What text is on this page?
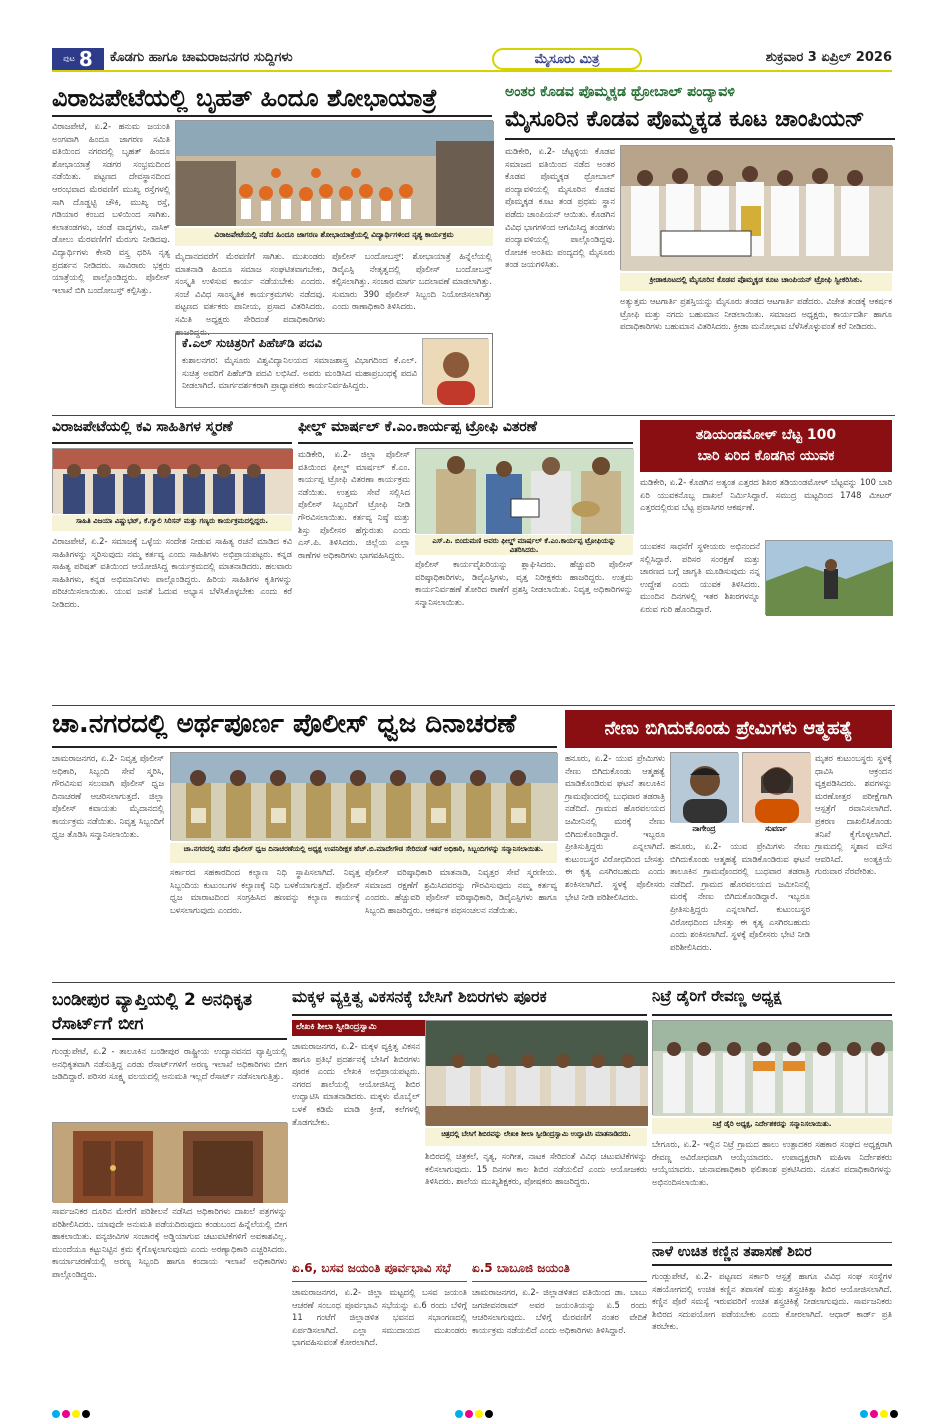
ಪುಟ 8 ಕೊಡಗು ಹಾಗೂ ಚಾಮರಾಜನಗರ ಸುದ್ದಿಗಳು	ಮೈಸೂರು ಮಿತ್ರ	ಶುಕ್ರವಾರ 3 ಏಪ್ರಿಲ್ 2026
ವಿರಾಜಪೇಟೆಯಲ್ಲಿ ಬೃಹತ್ ಹಿಂದೂ ಶೋಭಾಯಾತ್ರೆ
ವಿರಾಜಪೇಟೆ, ಏ.2- ಹನುಮ ಜಯಂತಿ ಅಂಗವಾಗಿ ಹಿಂದೂ ಜಾಗರಣ ಸಮಿತಿ ವತಿಯಿಂದ ನಗರದಲ್ಲಿ ಬೃಹತ್ ಹಿಂದೂ ಶೋಭಾಯಾತ್ರೆ ಸಡಗರ ಸಂಭ್ರಮದಿಂದ ನಡೆಯಿತು. ಪಟ್ಟಣದ ದೇವಸ್ಥಾನದಿಂದ ಆರಂಭವಾದ ಮೆರವಣಿಗೆ ಮುಖ್ಯ ರಸ್ತೆಗಳಲ್ಲಿ ಸಾಗಿ ದೊಡ್ಡಟ್ಟಿ ಚೌಕಿ, ಮುಖ್ಯ ರಸ್ತೆ, ಗಡಿಯಾರ ಕಂಬದ ಬಳಿಯಿಂದ ಸಾಗಿತು. ಕಲಾತಂಡಗಳು, ಚಂಡೆ ವಾದ್ಯಗಳು, ನಾಸಿಕ್ ಡೋಲು ಮೆರವಣಿಗೆಗೆ ಮೆರುಗು ನೀಡಿದವು. ವಿದ್ಯಾರ್ಥಿಗಳು ಕೇಸರಿ ವಸ್ತ್ರ ಧರಿಸಿ ನೃತ್ಯ ಪ್ರದರ್ಶನ ನೀಡಿದರು. ಸಾವಿರಾರು ಭಕ್ತರು ಯಾತ್ರೆಯಲ್ಲಿ ಪಾಲ್ಗೊಂಡಿದ್ದರು. ಪೊಲೀಸ್ ಇಲಾಖೆ ಬಿಗಿ ಬಂದೋಬಸ್ತ್ ಕಲ್ಪಿಸಿತ್ತು.
ವಿರಾಜಪೇಟೆಯಲ್ಲಿ ನಡೆದ ಹಿಂದೂ ಜಾಗರಣ ಶೋಭಾಯಾತ್ರೆಯಲ್ಲಿ ವಿದ್ಯಾರ್ಥಿಗಳಿಂದ ನೃತ್ಯ ಕಾರ್ಯಕ್ರಮ
ಮೈದಾನದವರೆಗೆ ಮೆರವಣಿಗೆ ಸಾಗಿತು. ಮುಖಂಡರು ಮಾತನಾಡಿ ಹಿಂದೂ ಸಮಾಜ ಸಂಘಟಿತವಾಗಬೇಕು, ಸಂಸ್ಕೃತಿ ಉಳಿಸುವ ಕಾರ್ಯ ನಡೆಯಬೇಕು ಎಂದರು. ಸಂಜೆ ವಿವಿಧ ಸಾಂಸ್ಕೃತಿಕ ಕಾರ್ಯಕ್ರಮಗಳು ನಡೆದವು. ಪಟ್ಟಣದ ವರ್ತಕರು ಪಾನೀಯ, ಪ್ರಸಾದ ವಿತರಿಸಿದರು. ಸಮಿತಿ ಅಧ್ಯಕ್ಷರು ಸೇರಿದಂತೆ ಪದಾಧಿಕಾರಿಗಳು ಹಾಜರಿದ್ದರು.
ಪೊಲೀಸ್ ಬಂದೋಬಸ್ತ್: ಶೋಭಾಯಾತ್ರೆ ಹಿನ್ನೆಲೆಯಲ್ಲಿ ಡಿವೈಎಸ್ಪಿ ನೇತೃತ್ವದಲ್ಲಿ ಪೊಲೀಸ್ ಬಂದೋಬಸ್ತ್ ಕಲ್ಪಿಸಲಾಗಿತ್ತು. ಸಂಚಾರ ಮಾರ್ಗ ಬದಲಾವಣೆ ಮಾಡಲಾಗಿತ್ತು. ಸುಮಾರು 390 ಪೊಲೀಸ್ ಸಿಬ್ಬಂದಿ ನಿಯೋಜಿಸಲಾಗಿತ್ತು ಎಂದು ಠಾಣಾಧಿಕಾರಿ ತಿಳಿಸಿದರು.
ಕೆ.ಎಲ್ ಸುಚಿತ್ರರಿಗೆ ಪಿಹೆಚ್‌ಡಿ ಪದವಿ
ಕುಶಾಲನಗರ: ಮೈಸೂರು ವಿಶ್ವವಿದ್ಯಾನಿಲಯದ ಸಮಾಜಶಾಸ್ತ್ರ ವಿಭಾಗದಿಂದ ಕೆ.ಎಲ್. ಸುಚಿತ್ರ ಅವರಿಗೆ ಪಿಹೆಚ್‌ಡಿ ಪದವಿ ಲಭಿಸಿದೆ. ಅವರು ಮಂಡಿಸಿದ ಮಹಾಪ್ರಬಂಧಕ್ಕೆ ಪದವಿ ನೀಡಲಾಗಿದೆ. ಮಾರ್ಗದರ್ಶಕರಾಗಿ ಪ್ರಾಧ್ಯಾಪಕರು ಕಾರ್ಯನಿರ್ವಹಿಸಿದ್ದರು.
ಅಂತರ ಕೊಡವ ಪೊಮ್ಮಕ್ಕಡ ಥ್ರೋಬಾಲ್ ಪಂದ್ಯಾವಳಿ
ಮೈಸೂರಿನ ಕೊಡವ ಪೊಮ್ಮಕ್ಕಡ ಕೂಟ ಚಾಂಪಿಯನ್
ಮಡಿಕೇರಿ, ಏ.2- ಚೆಟ್ಟಳ್ಳಿಯ ಕೊಡವ ಸಮಾಜದ ವತಿಯಿಂದ ನಡೆದ ಅಂತರ ಕೊಡವ ಪೊಮ್ಮಕ್ಕಡ ಥ್ರೋಬಾಲ್ ಪಂದ್ಯಾವಳಿಯಲ್ಲಿ ಮೈಸೂರಿನ ಕೊಡವ ಪೊಮ್ಮಕ್ಕಡ ಕೂಟ ತಂಡ ಪ್ರಥಮ ಸ್ಥಾನ ಪಡೆದು ಚಾಂಪಿಯನ್ ಆಯಿತು. ಕೊಡಗಿನ ವಿವಿಧ ಭಾಗಗಳಿಂದ ಆಗಮಿಸಿದ್ದ ತಂಡಗಳು ಪಂದ್ಯಾವಳಿಯಲ್ಲಿ ಪಾಲ್ಗೊಂಡಿದ್ದವು. ರೋಚಕ ಅಂತಿಮ ಪಂದ್ಯದಲ್ಲಿ ಮೈಸೂರು ತಂಡ ಜಯಗಳಿಸಿತು.
ಕ್ರೀಡಾಕೂಟದಲ್ಲಿ ಮೈಸೂರಿನ ಕೊಡವ ಪೊಮ್ಮಕ್ಕಡ ಕೂಟ ಚಾಂಪಿಯನ್ ಟ್ರೋಫಿ ಸ್ವೀಕರಿಸಿತು.
ಅತ್ಯುತ್ತಮ ಆಟಗಾರ್ತಿ ಪ್ರಶಸ್ತಿಯನ್ನು ಮೈಸೂರು ತಂಡದ ಆಟಗಾರ್ತಿ ಪಡೆದರು. ವಿಜೇತ ತಂಡಕ್ಕೆ ಆಕರ್ಷಕ ಟ್ರೋಫಿ ಮತ್ತು ನಗದು ಬಹುಮಾನ ನೀಡಲಾಯಿತು. ಸಮಾಜದ ಅಧ್ಯಕ್ಷರು, ಕಾರ್ಯದರ್ಶಿ ಹಾಗೂ ಪದಾಧಿಕಾರಿಗಳು ಬಹುಮಾನ ವಿತರಿಸಿದರು. ಕ್ರೀಡಾ ಮನೋಭಾವ ಬೆಳೆಸಿಕೊಳ್ಳುವಂತೆ ಕರೆ ನೀಡಿದರು.
ವಿರಾಜಪೇಟೆಯಲ್ಲಿ ಕವಿ ಸಾಹಿತಿಗಳ ಸ್ಮರಣೆ
ಸಾಹಿತಿ ವಿಜಯಾ ವಿಷ್ಣುಭಟ್, ಕೆ.ಗ್ಯಾಲಿ ಸಿರಿಸನ್ ಮತ್ತು ಗಣ್ಯರು ಕಾರ್ಯಕ್ರಮದಲ್ಲಿದ್ದರು.
ವಿರಾಜಪೇಟೆ, ಏ.2- ಸಮಾಜಕ್ಕೆ ಒಳ್ಳೆಯ ಸಂದೇಶ ನೀಡುವ ಸಾಹಿತ್ಯ ರಚನೆ ಮಾಡಿದ ಕವಿ ಸಾಹಿತಿಗಳನ್ನು ಸ್ಮರಿಸುವುದು ನಮ್ಮ ಕರ್ತವ್ಯ ಎಂದು ಸಾಹಿತಿಗಳು ಅಭಿಪ್ರಾಯಪಟ್ಟರು. ಕನ್ನಡ ಸಾಹಿತ್ಯ ಪರಿಷತ್ ವತಿಯಿಂದ ಆಯೋಜಿಸಿದ್ದ ಕಾರ್ಯಕ್ರಮದಲ್ಲಿ ಮಾತನಾಡಿದರು. ಹಲವಾರು ಸಾಹಿತಿಗಳು, ಕನ್ನಡ ಅಭಿಮಾನಿಗಳು ಪಾಲ್ಗೊಂಡಿದ್ದರು. ಹಿರಿಯ ಸಾಹಿತಿಗಳ ಕೃತಿಗಳನ್ನು ಪರಿಚಯಿಸಲಾಯಿತು. ಯುವ ಜನತೆ ಓದುವ ಅಭ್ಯಾಸ ಬೆಳೆಸಿಕೊಳ್ಳಬೇಕು ಎಂದು ಕರೆ ನೀಡಿದರು.
ಫೀಲ್ಡ್ ಮಾರ್ಷಲ್ ಕೆ.ಎಂ.ಕಾರ್ಯಪ್ಪ ಟ್ರೋಫಿ ವಿತರಣೆ
ಮಡಿಕೇರಿ, ಏ.2- ಜಿಲ್ಲಾ ಪೊಲೀಸ್ ವತಿಯಿಂದ ಫೀಲ್ಡ್ ಮಾರ್ಷಲ್ ಕೆ.ಎಂ. ಕಾರ್ಯಪ್ಪ ಟ್ರೋಫಿ ವಿತರಣಾ ಕಾರ್ಯಕ್ರಮ ನಡೆಯಿತು. ಉತ್ತಮ ಸೇವೆ ಸಲ್ಲಿಸಿದ ಪೊಲೀಸ್ ಸಿಬ್ಬಂದಿಗೆ ಟ್ರೋಫಿ ನೀಡಿ ಗೌರವಿಸಲಾಯಿತು. ಕರ್ತವ್ಯ ನಿಷ್ಠೆ ಮತ್ತು ಶಿಸ್ತು ಪೊಲೀಸರ ಹೆಗ್ಗುರುತು ಎಂದು ಎಸ್.ಪಿ. ತಿಳಿಸಿದರು. ಜಿಲ್ಲೆಯ ಎಲ್ಲಾ ಠಾಣೆಗಳ ಅಧಿಕಾರಿಗಳು ಭಾಗವಹಿಸಿದ್ದರು.
ಎಸ್.ಪಿ. ಬಿಂದುಮಣಿ ಅವರು ಫೀಲ್ಡ್ ಮಾರ್ಷಲ್ ಕೆ.ಎಂ.ಕಾರ್ಯಪ್ಪ ಟ್ರೋಫಿಯನ್ನು ವಿತರಿಸಿದರು.
ಪೊಲೀಸ್ ಕಾರ್ಯವೈಖರಿಯನ್ನು ಶ್ಲಾಘಿಸಿದರು. ಹೆಚ್ಚುವರಿ ಪೊಲೀಸ್ ವರಿಷ್ಠಾಧಿಕಾರಿಗಳು, ಡಿವೈಎಸ್ಪಿಗಳು, ವೃತ್ತ ನಿರೀಕ್ಷಕರು ಹಾಜರಿದ್ದರು. ಉತ್ತಮ ಕಾರ್ಯನಿರ್ವಹಣೆ ತೋರಿದ ಠಾಣೆಗೆ ಪ್ರಶಸ್ತಿ ನೀಡಲಾಯಿತು. ನಿವೃತ್ತ ಅಧಿಕಾರಿಗಳನ್ನು ಸನ್ಮಾನಿಸಲಾಯಿತು.
ತಡಿಯಂಡಮೋಳ್ ಬೆಟ್ಟ 100
ಬಾರಿ ಏರಿದ ಕೊಡಗಿನ ಯುವಕ
ಮಡಿಕೇರಿ, ಏ.2- ಕೊಡಗಿನ ಅತ್ಯಂತ ಎತ್ತರದ ಶಿಖರ ತಡಿಯಂಡಮೋಳ್ ಬೆಟ್ಟವನ್ನು 100 ಬಾರಿ ಏರಿ ಯುವಕನೊಬ್ಬ ದಾಖಲೆ ನಿರ್ಮಿಸಿದ್ದಾರೆ. ಸಮುದ್ರ ಮಟ್ಟದಿಂದ 1748 ಮೀಟರ್ ಎತ್ತರದಲ್ಲಿರುವ ಬೆಟ್ಟ ಪ್ರವಾಸಿಗರ ಆಕರ್ಷಣೆ.
ಯುವಕನ ಸಾಧನೆಗೆ ಸ್ಥಳೀಯರು ಅಭಿನಂದನೆ ಸಲ್ಲಿಸಿದ್ದಾರೆ. ಪರಿಸರ ಸಂರಕ್ಷಣೆ ಮತ್ತು ಚಾರಣದ ಬಗ್ಗೆ ಜಾಗೃತಿ ಮೂಡಿಸುವುದು ನನ್ನ ಉದ್ದೇಶ ಎಂದು ಯುವಕ ತಿಳಿಸಿದರು. ಮುಂದಿನ ದಿನಗಳಲ್ಲಿ ಇತರ ಶಿಖರಗಳನ್ನೂ ಏರುವ ಗುರಿ ಹೊಂದಿದ್ದಾರೆ.
ಚಾ.ನಗರದಲ್ಲಿ ಅರ್ಥಪೂರ್ಣ ಪೊಲೀಸ್ ಧ್ವಜ ದಿನಾಚರಣೆ
ಚಾಮರಾಜನಗರ, ಏ.2- ನಿವೃತ್ತ ಪೊಲೀಸ್ ಅಧಿಕಾರಿ, ಸಿಬ್ಬಂದಿ ಸೇವೆ ಸ್ಮರಿಸಿ, ಗೌರವಿಸುವ ಸಲುವಾಗಿ ಪೊಲೀಸ್ ಧ್ವಜ ದಿನಾಚರಣೆ ಆಚರಿಸಲಾಗುತ್ತದೆ. ಜಿಲ್ಲಾ ಪೊಲೀಸ್ ಕವಾಯತು ಮೈದಾನದಲ್ಲಿ ಕಾರ್ಯಕ್ರಮ ನಡೆಯಿತು. ನಿವೃತ್ತ ಸಿಬ್ಬಂದಿಗೆ ಧ್ವಜ ತೊಡಿಸಿ ಸನ್ಮಾನಿಸಲಾಯಿತು.
ಚಾ.ನಗರದಲ್ಲಿ ನಡೆದ ಪೊಲೀಸ್ ಧ್ವಜ ದಿನಾಚರಣೆಯಲ್ಲಿ ಅಧ್ಯಕ್ಷ ಉಪನಿರೀಕ್ಷಕ ಹೆಚ್.ಬಿ.ಮಾದೇಗೌಡ ಸೇರಿದಂತೆ ಇತರೆ ಅಧಿಕಾರಿ, ಸಿಬ್ಬಂದಿಗಳನ್ನು ಸನ್ಮಾನಿಸಲಾಯಿತು.
ಸರ್ಕಾರದ ಸಹಕಾರದಿಂದ ಕಲ್ಯಾಣ ನಿಧಿ ಸ್ಥಾಪಿಸಲಾಗಿದೆ. ನಿವೃತ್ತ ಸಿಬ್ಬಂದಿಯ ಕುಟುಂಬಗಳ ಕಲ್ಯಾಣಕ್ಕೆ ನಿಧಿ ಬಳಕೆಯಾಗುತ್ತದೆ. ಪೊಲೀಸ್ ಧ್ವಜ ಮಾರಾಟದಿಂದ ಸಂಗ್ರಹಿಸಿದ ಹಣವನ್ನು ಕಲ್ಯಾಣ ಕಾರ್ಯಕ್ಕೆ ಬಳಸಲಾಗುವುದು ಎಂದರು.
ಪೊಲೀಸ್ ವರಿಷ್ಠಾಧಿಕಾರಿ ಮಾತನಾಡಿ, ನಿವೃತ್ತರ ಸೇವೆ ಸ್ಮರಣೀಯ. ಸಮಾಜದ ರಕ್ಷಣೆಗೆ ಶ್ರಮಿಸಿದವರನ್ನು ಗೌರವಿಸುವುದು ನಮ್ಮ ಕರ್ತವ್ಯ ಎಂದರು. ಹೆಚ್ಚುವರಿ ಪೊಲೀಸ್ ವರಿಷ್ಠಾಧಿಕಾರಿ, ಡಿವೈಎಸ್ಪಿಗಳು ಹಾಗೂ ಸಿಬ್ಬಂದಿ ಹಾಜರಿದ್ದರು. ಆಕರ್ಷಕ ಪಥಸಂಚಲನ ನಡೆಯಿತು.
ನೇಣು ಬಿಗಿದುಕೊಂಡು ಪ್ರೇಮಿಗಳು ಆತ್ಮಹತ್ಯೆ
ಹನೂರು, ಏ.2- ಯುವ ಪ್ರೇಮಿಗಳು ನೇಣು ಬಿಗಿದುಕೊಂಡು ಆತ್ಮಹತ್ಯೆ ಮಾಡಿಕೊಂಡಿರುವ ಘಟನೆ ತಾಲೂಕಿನ ಗ್ರಾಮವೊಂದರಲ್ಲಿ ಬುಧವಾರ ತಡರಾತ್ರಿ ನಡೆದಿದೆ. ಗ್ರಾಮದ ಹೊರವಲಯದ ಜಮೀನಿನಲ್ಲಿ ಮರಕ್ಕೆ ನೇಣು ಬಿಗಿದುಕೊಂಡಿದ್ದಾರೆ. ಇಬ್ಬರೂ ಪ್ರೀತಿಸುತ್ತಿದ್ದರು ಎನ್ನಲಾಗಿದೆ. ಕುಟುಂಬಸ್ಥರ ವಿರೋಧದಿಂದ ಬೇಸತ್ತು ಈ ಕೃತ್ಯ ಎಸಗಿರಬಹುದು ಎಂದು ಶಂಕಿಸಲಾಗಿದೆ. ಸ್ಥಳಕ್ಕೆ ಪೊಲೀಸರು ಭೇಟಿ ನೀಡಿ ಪರಿಶೀಲಿಸಿದರು.
ನಾಗೇಂದ್ರ	ಸುವರ್ಣ
ಮೃತರ ಕುಟುಂಬಸ್ಥರು ಸ್ಥಳಕ್ಕೆ ಧಾವಿಸಿ ಆಕ್ರಂದನ ವ್ಯಕ್ತಪಡಿಸಿದರು. ಶವಗಳನ್ನು ಮರಣೋತ್ತರ ಪರೀಕ್ಷೆಗಾಗಿ ಆಸ್ಪತ್ರೆಗೆ ರವಾನಿಸಲಾಗಿದೆ. ಪ್ರಕರಣ ದಾಖಲಿಸಿಕೊಂಡು ತನಿಖೆ ಕೈಗೊಳ್ಳಲಾಗಿದೆ. ಗ್ರಾಮದಲ್ಲಿ ಸ್ಮಶಾನ ಮೌನ ಆವರಿಸಿದೆ. ಅಂತ್ಯಕ್ರಿಯೆ ಗುರುವಾರ ನೆರವೇರಿತು.
ಹನೂರು, ಏ.2- ಯುವ ಪ್ರೇಮಿಗಳು ನೇಣು ಬಿಗಿದುಕೊಂಡು ಆತ್ಮಹತ್ಯೆ ಮಾಡಿಕೊಂಡಿರುವ ಘಟನೆ ತಾಲೂಕಿನ ಗ್ರಾಮವೊಂದರಲ್ಲಿ ಬುಧವಾರ ತಡರಾತ್ರಿ ನಡೆದಿದೆ. ಗ್ರಾಮದ ಹೊರವಲಯದ ಜಮೀನಿನಲ್ಲಿ ಮರಕ್ಕೆ ನೇಣು ಬಿಗಿದುಕೊಂಡಿದ್ದಾರೆ. ಇಬ್ಬರೂ ಪ್ರೀತಿಸುತ್ತಿದ್ದರು ಎನ್ನಲಾಗಿದೆ. ಕುಟುಂಬಸ್ಥರ ವಿರೋಧದಿಂದ ಬೇಸತ್ತು ಈ ಕೃತ್ಯ ಎಸಗಿರಬಹುದು ಎಂದು ಶಂಕಿಸಲಾಗಿದೆ. ಸ್ಥಳಕ್ಕೆ ಪೊಲೀಸರು ಭೇಟಿ ನೀಡಿ ಪರಿಶೀಲಿಸಿದರು.
ಬಂಡೀಪುರ ವ್ಯಾಪ್ತಿಯಲ್ಲಿ 2 ಅನಧಿಕೃತ ರೆಸಾರ್ಟ್‌ಗೆ ಬೀಗ
ಗುಂಡ್ಲುಪೇಟೆ, ಏ.2 - ತಾಲೂಕಿನ ಬಂಡೀಪುರ ರಾಷ್ಟ್ರೀಯ ಉದ್ಯಾನವನದ ವ್ಯಾಪ್ತಿಯಲ್ಲಿ ಅನಧಿಕೃತವಾಗಿ ನಡೆಸುತ್ತಿದ್ದ ಎರಡು ರೆಸಾರ್ಟ್‌ಗಳಿಗೆ ಅರಣ್ಯ ಇಲಾಖೆ ಅಧಿಕಾರಿಗಳು ಬೀಗ ಜಡಿದಿದ್ದಾರೆ. ಪರಿಸರ ಸೂಕ್ಷ್ಮ ವಲಯದಲ್ಲಿ ಅನುಮತಿ ಇಲ್ಲದೆ ರೆಸಾರ್ಟ್ ನಡೆಸಲಾಗುತ್ತಿತ್ತು.
ಸಾರ್ವಜನಿಕರ ದೂರಿನ ಮೇರೆಗೆ ಪರಿಶೀಲನೆ ನಡೆಸಿದ ಅಧಿಕಾರಿಗಳು ದಾಖಲೆ ಪತ್ರಗಳನ್ನು ಪರಿಶೀಲಿಸಿದರು. ಯಾವುದೇ ಅನುಮತಿ ಪಡೆಯದಿರುವುದು ಕಂಡುಬಂದ ಹಿನ್ನೆಲೆಯಲ್ಲಿ ಬೀಗ ಹಾಕಲಾಯಿತು. ವನ್ಯಜೀವಿಗಳ ಸಂಚಾರಕ್ಕೆ ಅಡ್ಡಿಯಾಗುವ ಚಟುವಟಿಕೆಗಳಿಗೆ ಅವಕಾಶವಿಲ್ಲ. ಮುಂದೆಯೂ ಕಟ್ಟುನಿಟ್ಟಿನ ಕ್ರಮ ಕೈಗೊಳ್ಳಲಾಗುವುದು ಎಂದು ಅರಣ್ಯಾಧಿಕಾರಿ ಎಚ್ಚರಿಸಿದರು. ಕಾರ್ಯಾಚರಣೆಯಲ್ಲಿ ಅರಣ್ಯ ಸಿಬ್ಬಂದಿ ಹಾಗೂ ಕಂದಾಯ ಇಲಾಖೆ ಅಧಿಕಾರಿಗಳು ಪಾಲ್ಗೊಂಡಿದ್ದರು.
ಮಕ್ಕಳ ವ್ಯಕ್ತಿತ್ವ ವಿಕಸನಕ್ಕೆ ಬೇಸಿಗೆ ಶಿಬಿರಗಳು ಪೂರಕ
ಲೇಖಕಿ ಶೀಲಾ ಸ್ವೀಡಿಂದ್ರಸ್ವಾಮಿ
ಚಾಮರಾಜನಗರ, ಏ.2- ಮಕ್ಕಳ ವ್ಯಕ್ತಿತ್ವ ವಿಕಸನ ಹಾಗೂ ಪ್ರತಿಭೆ ಪ್ರದರ್ಶನಕ್ಕೆ ಬೇಸಿಗೆ ಶಿಬಿರಗಳು ಪೂರಕ ಎಂದು ಲೇಖಕಿ ಅಭಿಪ್ರಾಯಪಟ್ಟರು. ನಗರದ ಶಾಲೆಯಲ್ಲಿ ಆಯೋಜಿಸಿದ್ದ ಶಿಬಿರ ಉದ್ಘಾಟಿಸಿ ಮಾತನಾಡಿದರು. ಮಕ್ಕಳು ಮೊಬೈಲ್ ಬಳಕೆ ಕಡಿಮೆ ಮಾಡಿ ಕ್ರೀಡೆ, ಕಲೆಗಳಲ್ಲಿ ತೊಡಗಬೇಕು.
ಚಿತ್ರದಲ್ಲಿ ಬೇಸಿಗೆ ಶಿಬಿರವನ್ನು ಲೇಖಕಿ ಶೀಲಾ ಸ್ವೀಡಿಂದ್ರಸ್ವಾಮಿ ಉದ್ಘಾಟಿಸಿ ಮಾತನಾಡಿದರು.
ಶಿಬಿರದಲ್ಲಿ ಚಿತ್ರಕಲೆ, ನೃತ್ಯ, ಸಂಗೀತ, ನಾಟಕ ಸೇರಿದಂತೆ ವಿವಿಧ ಚಟುವಟಿಕೆಗಳನ್ನು ಕಲಿಸಲಾಗುವುದು. 15 ದಿನಗಳ ಕಾಲ ಶಿಬಿರ ನಡೆಯಲಿದೆ ಎಂದು ಆಯೋಜಕರು ತಿಳಿಸಿದರು. ಶಾಲೆಯ ಮುಖ್ಯಶಿಕ್ಷಕರು, ಪೋಷಕರು ಹಾಜರಿದ್ದರು.
ಏ.6, ಬಸವ ಜಯಂತಿ ಪೂರ್ವಭಾವಿ ಸಭೆ
ಚಾಮರಾಜನಗರ, ಏ.2- ಜಿಲ್ಲಾ ಮಟ್ಟದಲ್ಲಿ ಬಸವ ಜಯಂತಿ ಆಚರಣೆ ಸಂಬಂಧ ಪೂರ್ವಭಾವಿ ಸಭೆಯನ್ನು ಏ.6 ರಂದು ಬೆಳಿಗ್ಗೆ 11 ಗಂಟೆಗೆ ಜಿಲ್ಲಾಡಳಿತ ಭವನದ ಸಭಾಂಗಣದಲ್ಲಿ ಏರ್ಪಡಿಸಲಾಗಿದೆ. ಎಲ್ಲಾ ಸಮುದಾಯದ ಮುಖಂಡರು ಭಾಗವಹಿಸುವಂತೆ ಕೋರಲಾಗಿದೆ.
ಏ.5 ಬಾಬೂಜಿ ಜಯಂತಿ
ಚಾಮರಾಜನಗರ, ಏ.2- ಜಿಲ್ಲಾಡಳಿತದ ವತಿಯಿಂದ ಡಾ. ಬಾಬು ಜಗಜೀವನರಾಮ್ ಅವರ ಜಯಂತಿಯನ್ನು ಏ.5 ರಂದು ಆಚರಿಸಲಾಗುವುದು. ಬೆಳಿಗ್ಗೆ ಮೆರವಣಿಗೆ ನಂತರ ವೇದಿಕೆ ಕಾರ್ಯಕ್ರಮ ನಡೆಯಲಿದೆ ಎಂದು ಅಧಿಕಾರಿಗಳು ತಿಳಿಸಿದ್ದಾರೆ.
ನಿಟ್ರೆ ಡೈರಿಗೆ ರೇವಣ್ಣ ಅಧ್ಯಕ್ಷ
ನಿಟ್ರೆ ಡೈರಿ ಅಧ್ಯಕ್ಷ, ನಿರ್ದೇಶಕರನ್ನು ಸನ್ಮಾನಿಸಲಾಯಿತು.
ಬೇಗೂರು, ಏ.2- ಇಲ್ಲಿನ ನಿಟ್ರೆ ಗ್ರಾಮದ ಹಾಲು ಉತ್ಪಾದಕರ ಸಹಕಾರ ಸಂಘದ ಅಧ್ಯಕ್ಷರಾಗಿ ರೇವಣ್ಣ ಅವಿರೋಧವಾಗಿ ಆಯ್ಕೆಯಾದರು. ಉಪಾಧ್ಯಕ್ಷರಾಗಿ ಮಹಿಳಾ ನಿರ್ದೇಶಕರು ಆಯ್ಕೆಯಾದರು. ಚುನಾವಣಾಧಿಕಾರಿ ಫಲಿತಾಂಶ ಪ್ರಕಟಿಸಿದರು. ನೂತನ ಪದಾಧಿಕಾರಿಗಳನ್ನು ಅಭಿನಂದಿಸಲಾಯಿತು.
ನಾಳೆ ಉಚಿತ ಕಣ್ಣಿನ ತಪಾಸಣೆ ಶಿಬಿರ
ಗುಂಡ್ಲುಪೇಟೆ, ಏ.2- ಪಟ್ಟಣದ ಸರ್ಕಾರಿ ಆಸ್ಪತ್ರೆ ಹಾಗೂ ವಿವಿಧ ಸಂಘ ಸಂಸ್ಥೆಗಳ ಸಹಯೋಗದಲ್ಲಿ ಉಚಿತ ಕಣ್ಣಿನ ತಪಾಸಣೆ ಮತ್ತು ಶಸ್ತ್ರಚಿಕಿತ್ಸಾ ಶಿಬಿರ ಆಯೋಜಿಸಲಾಗಿದೆ. ಕಣ್ಣಿನ ಪೊರೆ ಸಮಸ್ಯೆ ಇರುವವರಿಗೆ ಉಚಿತ ಶಸ್ತ್ರಚಿಕಿತ್ಸೆ ನೀಡಲಾಗುವುದು. ಸಾರ್ವಜನಿಕರು ಶಿಬಿರದ ಸದುಪಯೋಗ ಪಡೆಯಬೇಕು ಎಂದು ಕೋರಲಾಗಿದೆ. ಆಧಾರ್ ಕಾರ್ಡ್ ಪ್ರತಿ ತರಬೇಕು.
